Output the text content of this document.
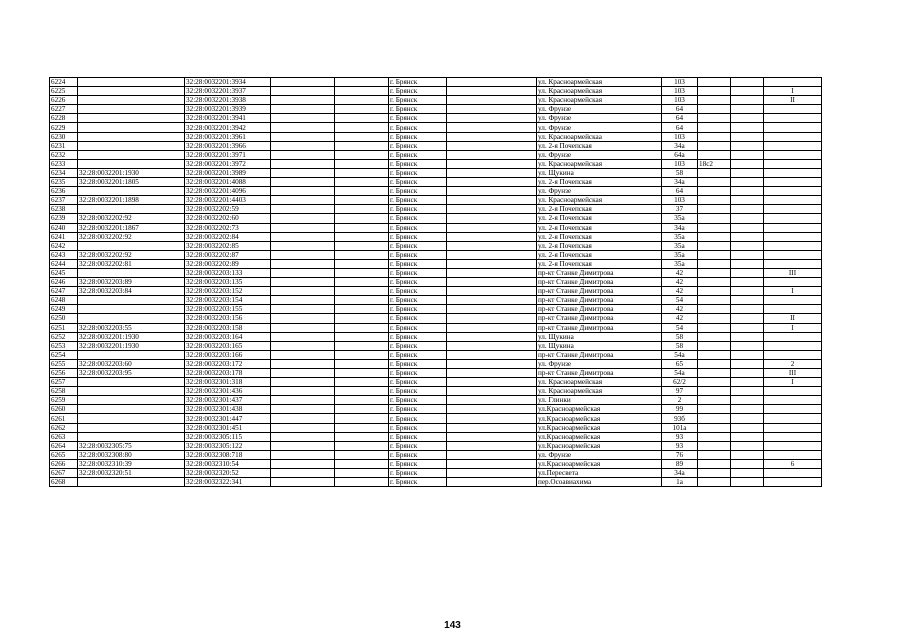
6224		32:28:0032201:3934			г. Брянск		ул. Красноармейская	103			
6225		32:28:0032201:3937			г. Брянск		ул. Красноармейская	103			I
6226		32:28:0032201:3938			г. Брянск		ул. Красноармейская	103			II
6227		32:28:0032201:3939			г. Брянск		ул. Фрунзе	64			
6228		32:28:0032201:3941			г. Брянск		ул. Фрунзе	64			
6229		32:28:0032201:3942			г. Брянск		ул. Фрунзе	64			
6230		32:28:0032201:3961			г. Брянск		ул. Красноармейскаа	103			
6231		32:28:0032201:3966			г. Брянск		ул. 2-я Почепская	34а			
6232		32:28:0032201:3971			г. Брянск		ул. Фрунзе	64а			
6233		32:28:0032201:3972			г. Брянск		ул. Красноармейская	103	18с2		
6234	32:28:0032201:1930	32:28:0032201:3989			г. Брянск		ул. Щукина	58			
6235	32:28:0032201:1805	32:28:0032201:4088			г. Брянск		ул. 2-я Почепская	34а			
6236		32:28:0032201:4096			г. Брянск		ул. Фрунзе	64			
6237	32:28:0032201:1898	32:28:0032201:4403			г. Брянск		ул. Красноармейская	103			
6238		32:28:0032202:59			г. Брянск		ул. 2-я Почепская	37			
6239	32:28:0032202:92	32:28:0032202:60			г. Брянск		ул. 2-я Почепская	35а			
6240	32:28:0032201:1867	32:28:0032202:73			г. Брянск		ул. 2-я Почепская	34а			
6241	32:28:0032202:92	32:28:0032202:84			г. Брянск		ул. 2-я Почепская	35а			
6242		32:28:0032202:85			г. Брянск		ул. 2-я Почепская	35а			
6243	32:28:0032202:92	32:28:0032202:87			г. Брянск		ул. 2-я Почепская	35а			
6244	32:28:0032202:81	32:28:0032202:89			г. Брянск		ул. 2-я Почепская	35а			
6245		32:28:0032203:133			г. Брянск		пр-кт Станке Димитрова	42			III
6246	32:28:0032203:89	32:28:0032203:135			г. Брянск		пр-кт Станке Димитрова	42			
6247	32:28:0032203:84	32:28:0032203:152			г. Брянск		пр-кт Станке Димитрова	42			I
6248		32:28:0032203:154			г. Брянск		пр-кт Станке Димитрова	54			
6249		32:28:0032203:155			г. Брянск		пр-кт Станке Димитрова	42			
6250		32:28:0032203:156			г. Брянск		пр-кт Станке Димитрова	42			II
6251	32:28:0032203:55	32:28:0032203:158			г. Брянск		пр-кт Станке Димитрова	54			I
6252	32:28:0032201:1930	32:28:0032203:164			г. Брянск		ул. Щукина	58			
6253	32:28:0032201:1930	32:28:0032203:165			г. Брянск		ул. Щукина	58			
6254		32:28:0032203:166			г. Брянск		пр-кт Станке Димитрова	54а			
6255	32:28:0032203:60	32:28:0032203:172			г. Брянск		ул. Фрунзе	65			2
6256	32:28:0032203:95	32:28:0032203:178			г. Брянск		пр-кт Станке Димитрова	54а			III
6257		32:28:0032301:318			г. Брянск		ул. Красноармейская	62/2			I
6258		32:28:0032301:436			г. Брянск		ул. Красноармейская	97			
6259		32:28:0032301:437			г. Брянск		ул. Глинки	2			
6260		32:28:0032301:438			г. Брянск		ул.Красноармейская	99			
6261		32:28:0032301:447			г. Брянск		ул.Красноармейская	93б			
6262		32:28:0032301:451			г. Брянск		ул.Красноармейская	101а			
6263		32:28:0032305:115			г. Брянск		ул.Красноармейская	93			
6264	32:28:0032305:75	32:28:0032305:122			г. Брянск		ул.Красноармейская	93			
6265	32:28:0032308:80	32:28:0032308:718			г. Брянск		ул. Фрунзе	76			
6266	32:28:0032310:39	32:28:0032310:54			г. Брянск		ул.Красноармейская	89			6
6267	32:28:0032320:51	32:28:0032320:52			г. Брянск		ул.Пересвета	34а			
6268		32:28:0032322:341			г. Брянск		пер.Осоавиахима	1а			
143
